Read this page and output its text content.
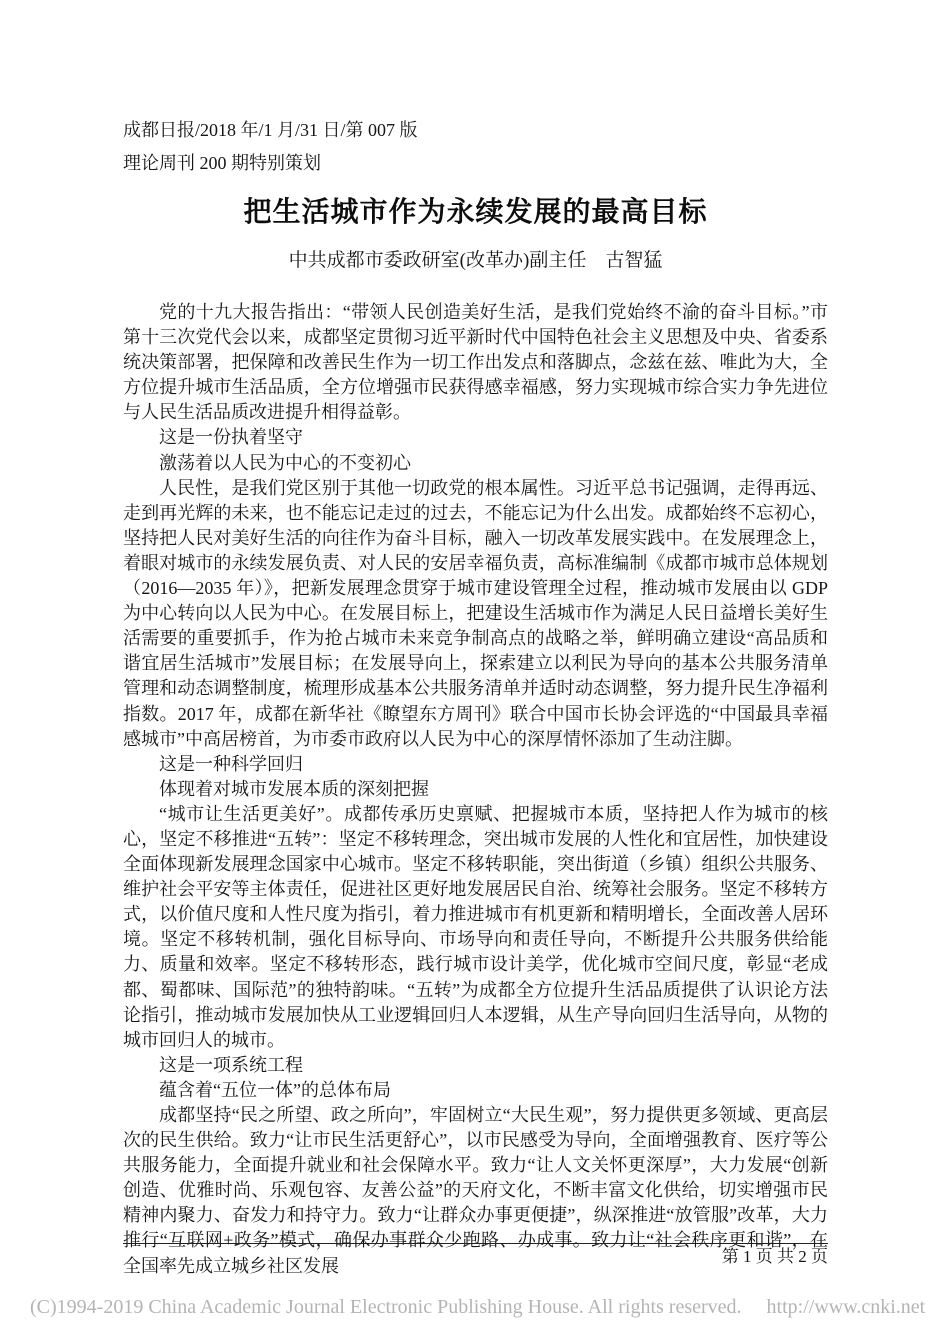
成都日报/2018 年/1 月/31 日/第 007 版
理论周刊 200 期特别策划
把生活城市作为永续发展的最高目标
中共成都市委政研室(改革办)副主任　古智猛

党的十九大报告指出：“带领人民创造美好生活，是我们党始终不渝的奋斗目标。”市第十三次党代会以来，成都坚定贯彻习近平新时代中国特色社会主义思想及中央、省委系统决策部署，把保障和改善民生作为一切工作出发点和落脚点，念兹在兹、唯此为大，全方位提升城市生活品质，全方位增强市民获得感幸福感，努力实现城市综合实力争先进位与人民生活品质改进提升相得益彰。

这是一份执着坚守

激荡着以人民为中心的不变初心

人民性，是我们党区别于其他一切政党的根本属性。习近平总书记强调，走得再远、走到再光辉的未来，也不能忘记走过的过去，不能忘记为什么出发。成都始终不忘初心，坚持把人民对美好生活的向往作为奋斗目标，融入一切改革发展实践中。在发展理念上，着眼对城市的永续发展负责、对人民的安居幸福负责，高标准编制《成都市城市总体规划（2016—2035 年）》，把新发展理念贯穿于城市建设管理全过程，推动城市发展由以 GDP 为中心转向以人民为中心。在发展目标上，把建设生活城市作为满足人民日益增长美好生活需要的重要抓手，作为抢占城市未来竞争制高点的战略之举，鲜明确立建设“高品质和谐宜居生活城市”发展目标；在发展导向上，探索建立以利民为导向的基本公共服务清单管理和动态调整制度，梳理形成基本公共服务清单并适时动态调整，努力提升民生净福利指数。2017 年，成都在新华社《瞭望东方周刊》联合中国市长协会评选的“中国最具幸福感城市”中高居榜首，为市委市政府以人民为中心的深厚情怀添加了生动注脚。

这是一种科学回归

体现着对城市发展本质的深刻把握

“城市让生活更美好”。成都传承历史禀赋、把握城市本质，坚持把人作为城市的核心，坚定不移推进“五转”：坚定不移转理念，突出城市发展的人性化和宜居性，加快建设全面体现新发展理念国家中心城市。坚定不移转职能，突出街道（乡镇）组织公共服务、维护社会平安等主体责任，促进社区更好地发展居民自治、统筹社会服务。坚定不移转方式，以价值尺度和人性尺度为指引，着力推进城市有机更新和精明增长，全面改善人居环境。坚定不移转机制，强化目标导向、市场导向和责任导向，不断提升公共服务供给能力、质量和效率。坚定不移转形态，践行城市设计美学，优化城市空间尺度，彰显“老成都、蜀都味、国际范”的独特韵味。“五转”为成都全方位提升生活品质提供了认识论方法论指引，推动城市发展加快从工业逻辑回归人本逻辑，从生产导向回归生活导向，从物的城市回归人的城市。

这是一项系统工程

蕴含着“五位一体”的总体布局

成都坚持“民之所望、政之所向”，牢固树立“大民生观”，努力提供更多领域、更高层次的民生供给。致力“让市民生活更舒心”，以市民感受为导向，全面增强教育、医疗等公共服务能力，全面提升就业和社会保障水平。致力“让人文关怀更深厚”，大力发展“创新创造、优雅时尚、乐观包容、友善公益”的天府文化，不断丰富文化供给，切实增强市民精神内聚力、奋发力和持守力。致力“让群众办事更便捷”，纵深推进“放管服”改革，大力推行“互联网+政务”模式，确保办事群众少跑路、办成事。致力让“社会秩序更和谐”，在全国率先成立城乡社区发展	第 1 页 共 2 页
(C)1994-2019 China Academic Journal Electronic Publishing House. All rights reserved.     http://www.cnki.net
